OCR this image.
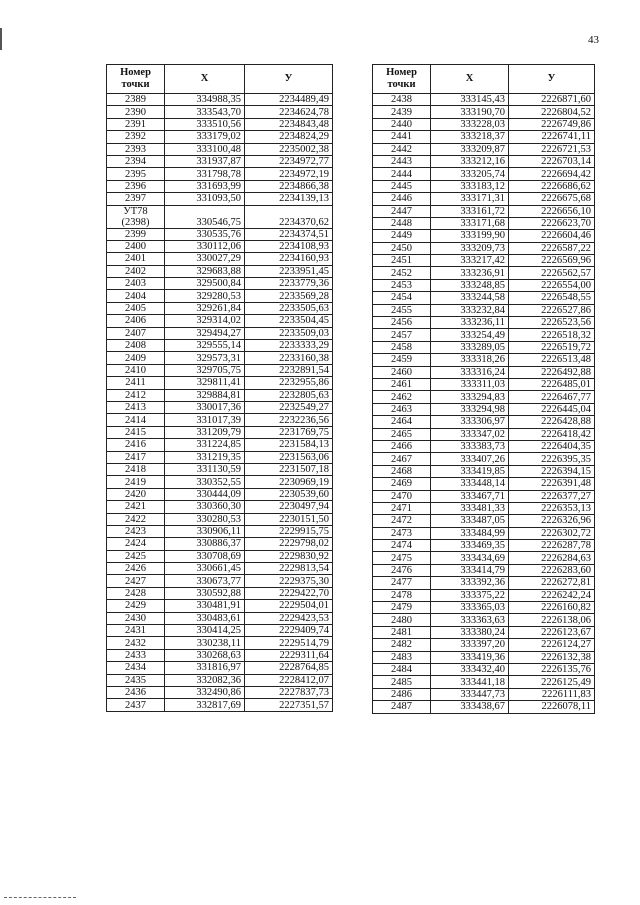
43
Номер
точки	X	У
2389	334988,35	2234489,49
2390	333543,70	2234624,78
2391	333510,56	2234843,48
2392	333179,02	2234824,29
2393	333100,48	2235002,38
2394	331937,87	2234972,77
2395	331798,78	2234972,19
2396	331693,99	2234866,38
2397	331093,50	2234139,13

УТ78
(2398)	330546,75	2234370,62
2399	330535,76	2234374,51
2400	330112,06	2234108,93
2401	330027,29	2234160,93
2402	329683,88	2233951,45
2403	329500,84	2233779,36
2404	329280,53	2233569,28
2405	329261,84	2233505,63
2406	329314,02	2233504,45
2407	329494,27	2233509,03
2408	329555,14	2233333,29
2409	329573,31	2233160,38
2410	329705,75	2232891,54
2411	329811,41	2232955,86
2412	329884,81	2232805,63
2413	330017,36	2232549,27
2414	331017,39	2232236,56
2415	331209,79	2231769,75
2416	331224,85	2231584,13
2417	331219,35	2231563,06
2418	331130,59	2231507,18
2419	330352,55	2230969,19
2420	330444,09	2230539,60
2421	330360,30	2230497,94
2422	330280,53	2230151,50
2423	330906,11	2229915,75
2424	330886,37	2229798,02
2425	330708,69	2229830,92
2426	330661,45	2229813,54
2427	330673,77	2229375,30
2428	330592,88	2229422,70
2429	330481,91	2229504,01
2430	330483,61	2229423,53
2431	330414,25	2229409,74
2432	330238,11	2229514,79
2433	330268,63	2229311,64
2434	331816,97	2228764,85
2435	332082,36	2228412,07
2436	332490,86	2227837,73
2437	332817,69	2227351,57
Номер
точки	X	У
2438	333145,43	2226871,60
2439	333190,70	2226804,52
2440	333228,03	2226749,86
2441	333218,37	2226741,11
2442	333209,87	2226721,53
2443	333212,16	2226703,14
2444	333205,74	2226694,42
2445	333183,12	2226686,62
2446	333171,31	2226675,68
2447	333161,72	2226656,10
2448	333171,68	2226623,70
2449	333199,90	2226604,46
2450	333209,73	2226587,22
2451	333217,42	2226569,96
2452	333236,91	2226562,57
2453	333248,85	2226554,00
2454	333244,58	2226548,55
2455	333232,84	2226527,86
2456	333236,11	2226523,56
2457	333254,49	2226518,32
2458	333289,05	2226519,72
2459	333318,26	2226513,48
2460	333316,24	2226492,88
2461	333311,03	2226485,01
2462	333294,83	2226467,77
2463	333294,98	2226445,04
2464	333306,97	2226428,88
2465	333347,02	2226418,42
2466	333383,73	2226404,35
2467	333407,26	2226395,35
2468	333419,85	2226394,15
2469	333448,14	2226391,48
2470	333467,71	2226377,27
2471	333481,33	2226353,13
2472	333487,05	2226326,96
2473	333484,99	2226302,72
2474	333469,35	2226287,78
2475	333434,69	2226284,63
2476	333414,79	2226283,60
2477	333392,36	2226272,81
2478	333375,22	2226242,24
2479	333365,03	2226160,82
2480	333363,63	2226138,06
2481	333380,24	2226123,67
2482	333397,20	2226124,27
2483	333419,36	2226132,38
2484	333432,40	2226135,76
2485	333441,18	2226125,49
2486	333447,73	2226111,83
2487	333438,67	2226078,11
